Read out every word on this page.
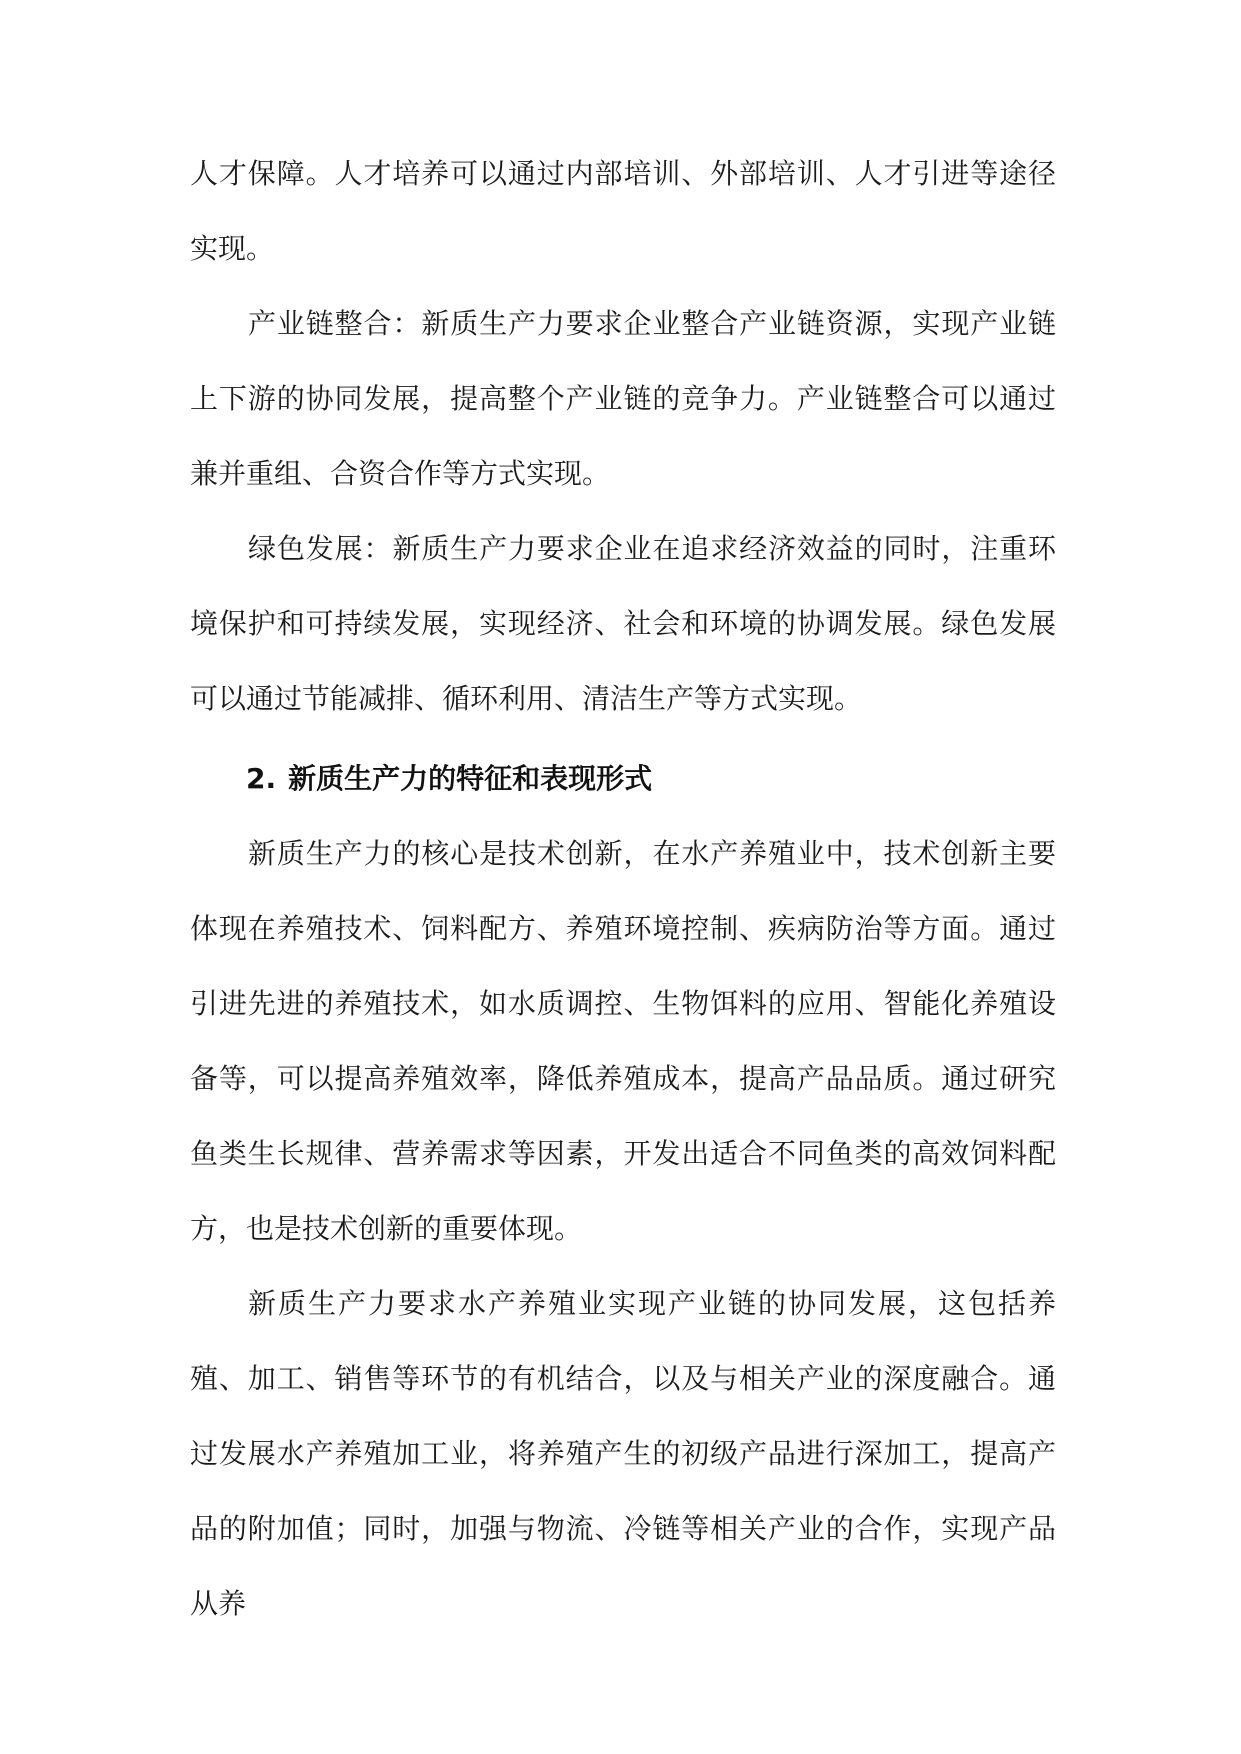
人才保障。人才培养可以通过内部培训、外部培训、人才引进等途径实现。

产业链整合：新质生产力要求企业整合产业链资源，实现产业链上下游的协同发展，提高整个产业链的竞争力。产业链整合可以通过兼并重组、合资合作等方式实现。

绿色发展：新质生产力要求企业在追求经济效益的同时，注重环境保护和可持续发展，实现经济、社会和环境的协调发展。绿色发展可以通过节能减排、循环利用、清洁生产等方式实现。

2. 新质生产力的特征和表现形式

新质生产力的核心是技术创新，在水产养殖业中，技术创新主要体现在养殖技术、饲料配方、养殖环境控制、疾病防治等方面。通过引进先进的养殖技术，如水质调控、生物饵料的应用、智能化养殖设备等，可以提高养殖效率，降低养殖成本，提高产品品质。通过研究鱼类生长规律、营养需求等因素，开发出适合不同鱼类的高效饲料配方，也是技术创新的重要体现。

新质生产力要求水产养殖业实现产业链的协同发展，这包括养殖、加工、销售等环节的有机结合，以及与相关产业的深度融合。通过发展水产养殖加工业，将养殖产生的初级产品进行深加工，提高产品的附加值；同时，加强与物流、冷链等相关产业的合作，实现产品从养
